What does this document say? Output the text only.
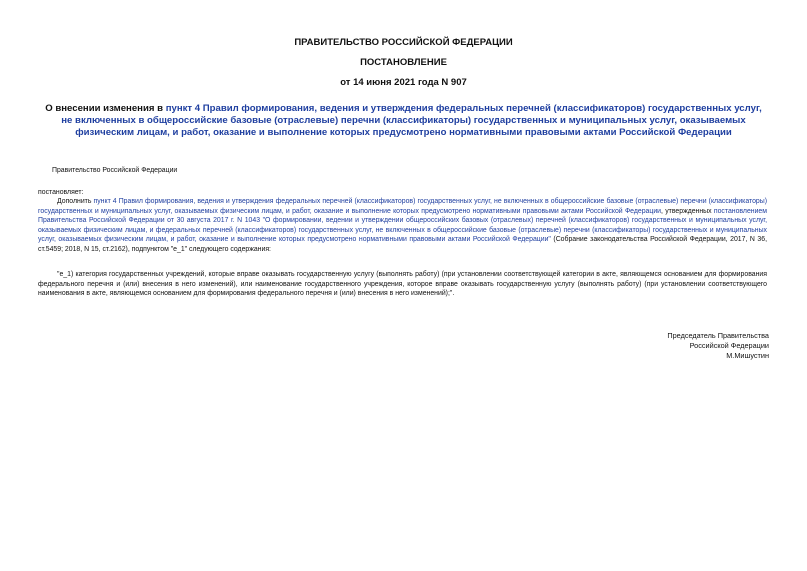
ПРАВИТЕЛЬСТВО РОССИЙСКОЙ ФЕДЕРАЦИИ
ПОСТАНОВЛЕНИЕ
от 14 июня 2021 года N 907
О внесении изменения в пункт 4 Правил формирования, ведения и утверждения федеральных перечней (классификаторов) государственных услуг, не включенных в общероссийские базовые (отраслевые) перечни (классификаторы) государственных и муниципальных услуг, оказываемых физическим лицам, и работ, оказание и выполнение которых предусмотрено нормативными правовыми актами Российской Федерации
Правительство Российской Федерации
постановляет:
Дополнить пункт 4 Правил формирования, ведения и утверждения федеральных перечней (классификаторов) государственных услуг, не включенных в общероссийские базовые (отраслевые) перечни (классификаторы) государственных и муниципальных услуг, оказываемых физическим лицам, и работ, оказание и выполнение которых предусмотрено нормативными правовыми актами Российской Федерации, утвержденных постановлением Правительства Российской Федерации от 30 августа 2017 г. N 1043 "О формировании, ведении и утверждении общероссийских базовых (отраслевых) перечней (классификаторов) государственных и муниципальных услуг, оказываемых физическим лицам, и федеральных перечней (классификаторов) государственных услуг, не включенных в общероссийские базовые (отраслевые) перечни (классификаторы) государственных и муниципальных услуг, оказываемых физическим лицам, и работ, оказание и выполнение которых предусмотрено нормативными правовыми актами Российской Федерации" (Собрание законодательства Российской Федерации, 2017, N 36, ст.5459; 2018, N 15, ст.2162), подпунктом "е_1" следующего содержания:
"е_1) категория государственных учреждений, которые вправе оказывать государственную услугу (выполнять работу) (при установлении соответствующей категории в акте, являющемся основанием для формирования федерального перечня и (или) внесения в него изменений), или наименование государственного учреждения, которое вправе оказывать государственную услугу (выполнять работу) (при установлении соответствующего наименования в акте, являющемся основанием для формирования федерального перечня и (или) внесения в него изменений);".
Председатель Правительства
Российской Федерации
М.Мишустин
